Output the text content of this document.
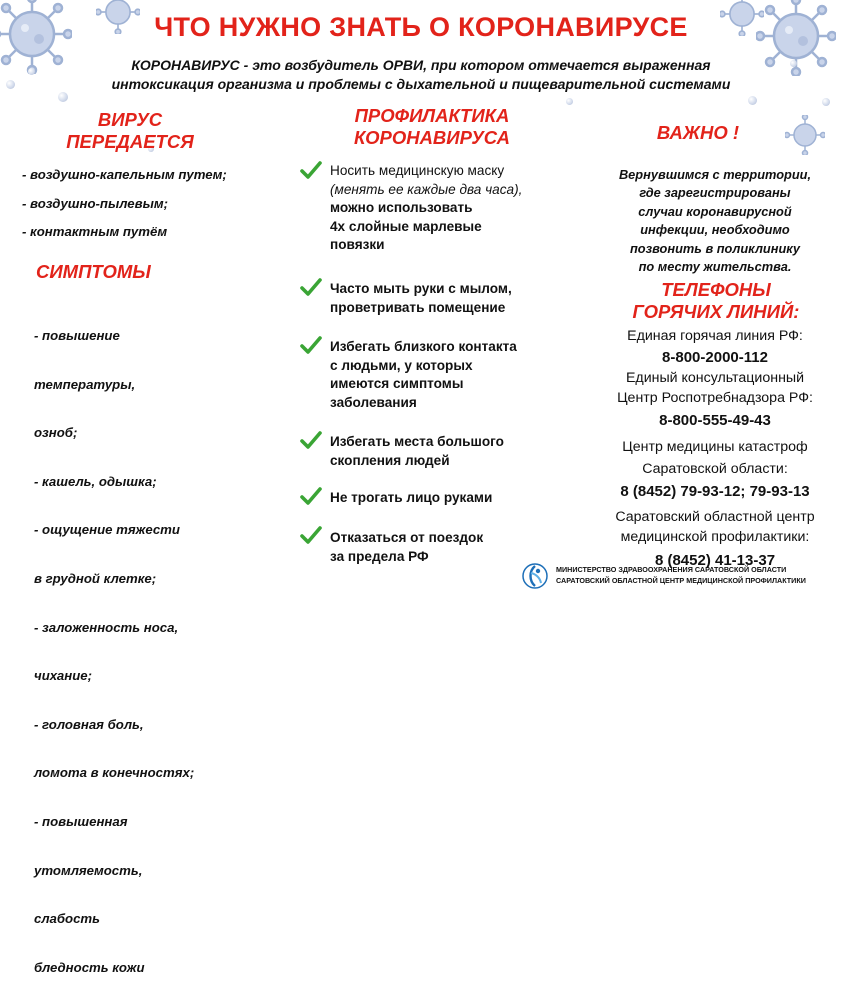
ЧТО НУЖНО ЗНАТЬ О КОРОНАВИРУСЕ
КОРОНАВИРУС - это возбудитель ОРВИ, при котором отмечается выраженная
интоксикация организма и проблемы с дыхательной и пищеварительной системами
ВИРУС
ПЕРЕДАЕТСЯ
- воздушно-капельным путем;
- воздушно-пылевым;
- контактным путём
СИМПТОМЫ

- повышение

температуры,

озноб;

- кашель, одышка;

- ощущение тяжести

в грудной клетке;

- заложенность носа,

чихание;

- головная боль,

ломота в конечностях;

- повышенная

утомляемость,

слабость

бледность кожи

ПРОФИЛАКТИКА
КОРОНАВИРУСА
Носить медицинскую маску
(менять ее каждые два часа),
можно использовать
4х слойные марлевые
повязки
Часто мыть руки с мылом,
проветривать помещение
Избегать близкого контакта
с людьми, у которых
имеются симптомы
заболевания
Избегать места большого
скопления людей
Не трогать лицо руками
Отказаться от поездок
за предела РФ
ВАЖНО !
Вернувшимся с территории,
где зарегистрированы
случаи коронавирусной
инфекции, необходимо
позвонить в поликлинику
по месту жительства.
ТЕЛЕФОНЫ
ГОРЯЧИХ ЛИНИЙ:
Единая горячая линия РФ:
8-800-2000-112
Единый консультационный
Центр Роспотребнадзора РФ:
8-800-555-49-43
Центр медицины катастроф
Саратовской области:
8 (8452) 79-93-12; 79-93-13
Саратовский областной центр
медицинской профилактики:
8 (8452) 41-13-37
МИНИСТЕРСТВО ЗДРАВООХРАНЕНИЯ САРАТОВСКОЙ ОБЛАСТИ
САРАТОВСКИЙ ОБЛАСТНОЙ ЦЕНТР МЕДИЦИНСКОЙ ПРОФИЛАКТИКИ
